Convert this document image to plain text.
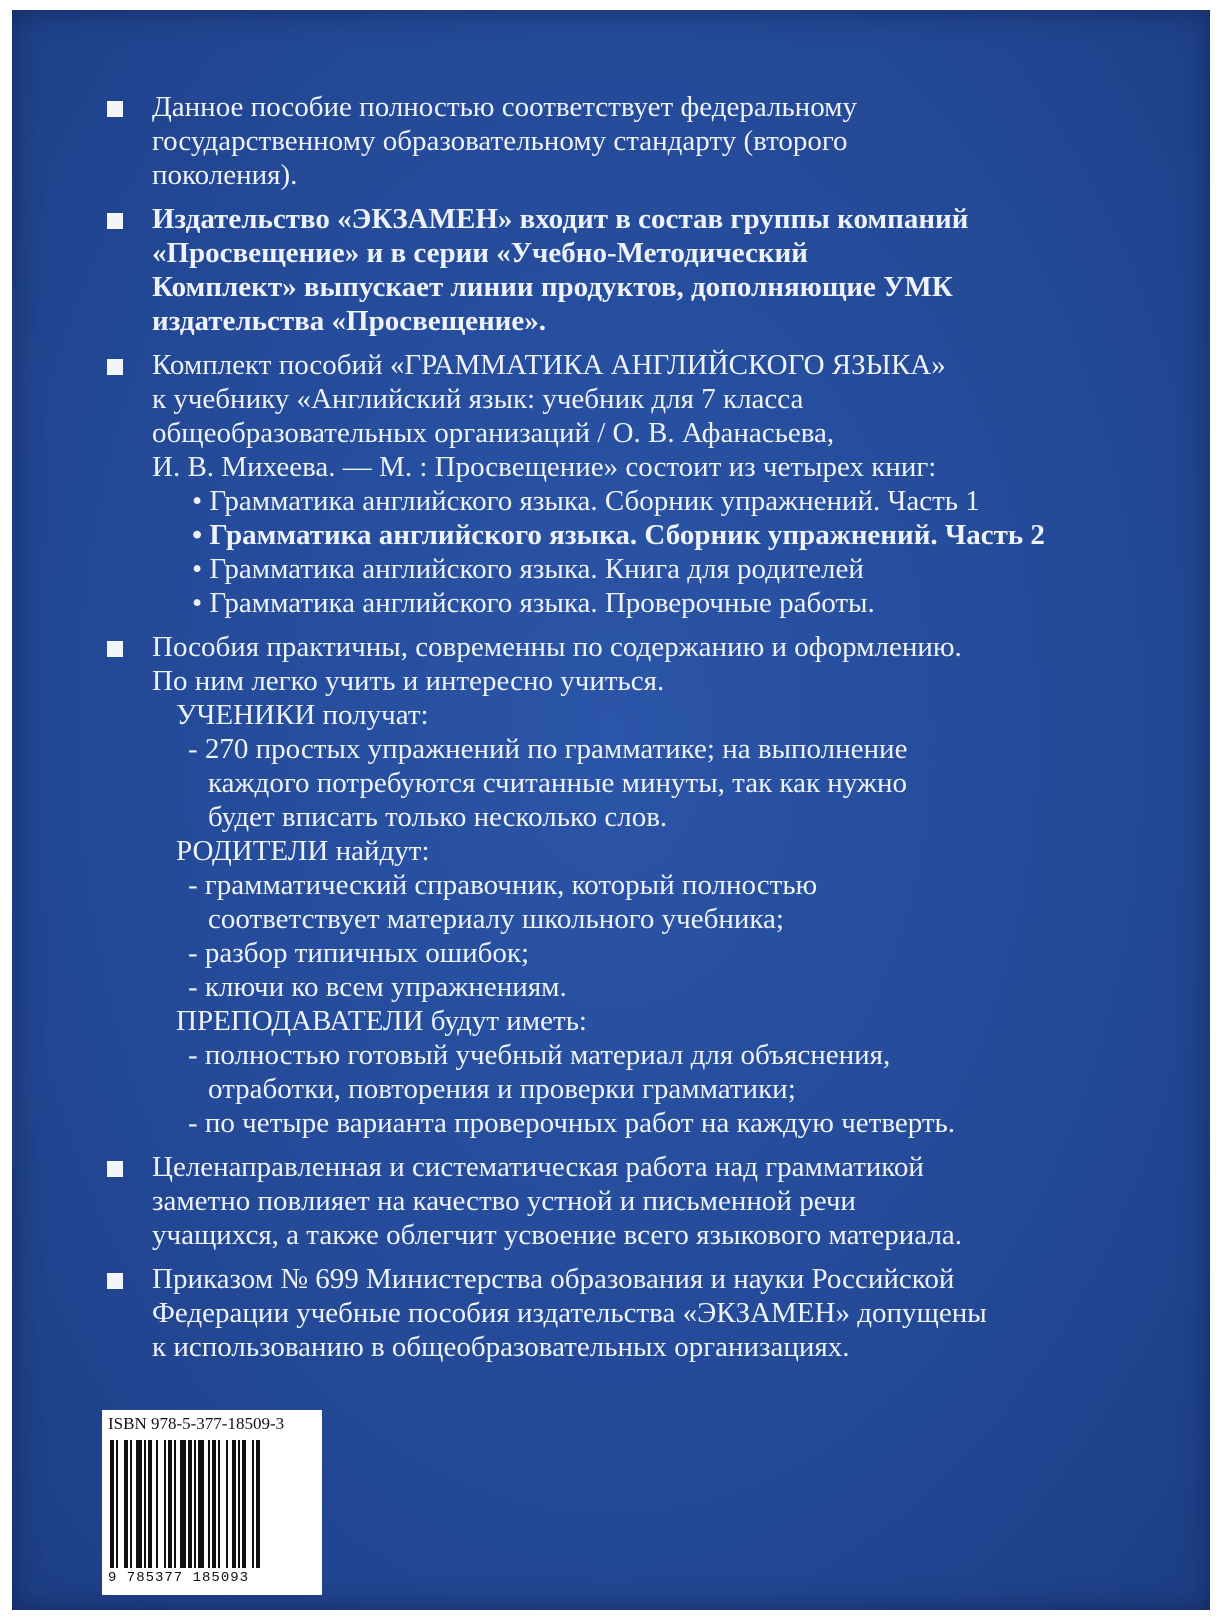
Данное пособие полностью соответствует федеральному
государственному образовательному стандарту (второго
поколения).
Издательство «ЭКЗАМЕН» входит в состав группы компаний
«Просвещение» и в серии «Учебно-Методический
Комплект» выпускает линии продуктов, дополняющие УМК
издательства «Просвещение».
Комплект пособий «ГРАММАТИКА АНГЛИЙСКОГО ЯЗЫКА»
к учебнику «Английский язык: учебник для 7 класса
общеобразовательных организаций / О. В. Афанасьева,
И. В. Михеева. — М. : Просвещение» состоит из четырех книг:
• Грамматика английского языка. Сборник упражнений. Часть 1
• Грамматика английского языка. Сборник упражнений. Часть 2
• Грамматика английского языка. Книга для родителей
• Грамматика английского языка. Проверочные работы.
Пособия практичны, современны по содержанию и оформлению.
По ним легко учить и интересно учиться.
УЧЕНИКИ получат:
- 270 простых упражнений по грамматике; на выполнение
каждого потребуются считанные минуты, так как нужно
будет вписать только несколько слов.
РОДИТЕЛИ найдут:
- грамматический справочник, который полностью
соответствует материалу школьного учебника;
- разбор типичных ошибок;
- ключи ко всем упражнениям.
ПРЕПОДАВАТЕЛИ будут иметь:
- полностью готовый учебный материал для объяснения,
отработки, повторения и проверки грамматики;
- по четыре варианта проверочных работ на каждую четверть.
Целенаправленная и систематическая работа над грамматикой
заметно повлияет на качество устной и письменной речи
учащихся, а также облегчит усвоение всего языкового материала.
Приказом № 699 Министерства образования и науки Российской
Федерации учебные пособия издательства «ЭКЗАМЕН» допущены
к использованию в общеобразовательных организациях.
ISBN 978-5-377-18509-3
9 785377 185093
